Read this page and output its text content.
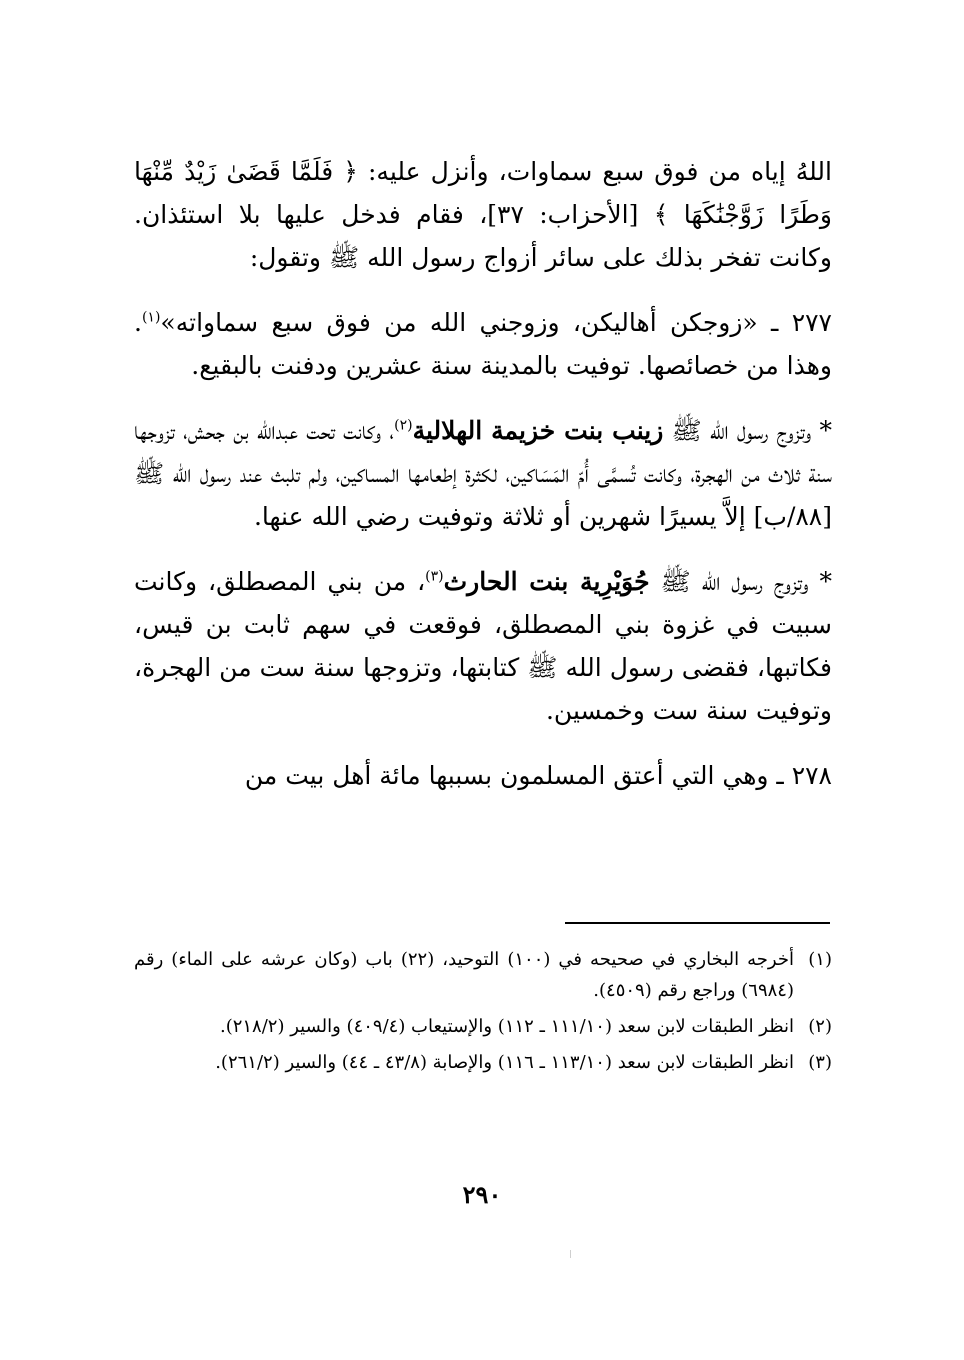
اللهُ إياه من فوق سبع سماوات، وأنزل عليه: ﴿ فَلَمَّا قَضَىٰ زَيْدٌ مِّنْهَا وَطَرًا زَوَّجْنَٰكَهَا ﴾ [الأحزاب: ٣٧]، فقام فدخل عليها بلا استئذان. وكانت تفخر بذلك على سائر أزواج رسول الله ﷺ وتقول:

٢٧٧ ـ «زوجكن أهاليكن، وزوجني الله من فوق سبع سماواته»$^{(١)}$. وهذا من خصائصها. توفيت بالمدينة سنة عشرين ودفنت بالبقيع.

* وتزوج رسول الله ﷺ زينب بنت خزيمة الهلالية$^{(٢)}$، وكانت تحت عبدالله بن جحش، تزوجها سنة ثلاث من الهجرة، وكانت تُسمَّى أُمّ المَسَاكين، لكثرة إطعامها المساكين، ولم تلبث عند رسول الله ﷺ [٨٨/ب] إلاَّ يسيرًا شهرين أو ثلاثة وتوفيت رضي الله عنها.

* وتزوج رسول الله ﷺ جُوَيْرِية بنت الحارث$^{(٣)}$، من بني المصطلق، وكانت سبيت في غزوة بني المصطلق، فوقعت في سهم ثابت بن قيس، فكاتبها، فقضى رسول الله ﷺ كتابتها، وتزوجها سنة ست من الهجرة، وتوفيت سنة ست وخمسين.

٢٧٨ ـ وهي التي أعتق المسلمون بسببها مائة أهل بيت من

(١)
أخرجه البخاري في صحيحه في (١٠٠) التوحيد، (٢٢) باب (وكان عرشه على الماء) رقم (٦٩٨٤) وراجع رقم (٤٥٠٩).
(٢)
انظر الطبقات لابن سعد (١١١/١٠ ـ ١١٢) والإستيعاب (٤٠٩/٤) والسير (٢١٨/٢).
(٣)
انظر الطبقات لابن سعد (١١٣/١٠ ـ ١١٦) والإصابة (٤٣/٨ ـ ٤٤) والسير (٢٦١/٢).
٢٩٠
